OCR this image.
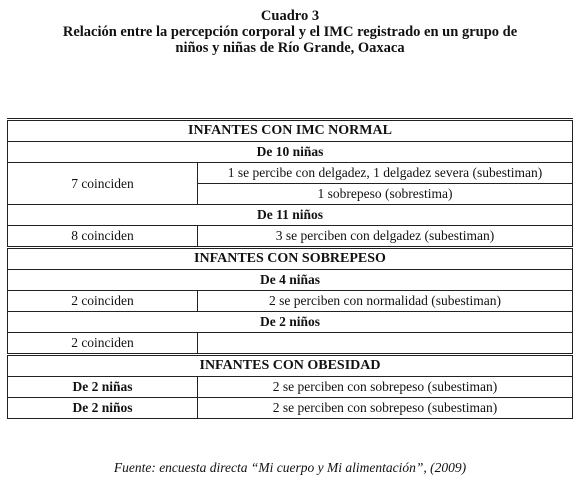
Cuadro 3
Relación entre la percepción corporal y el IMC registrado en un grupo de
niños y niñas de Río Grande, Oaxaca
INFANTES CON IMC NORMAL	
De 10 niñas	
7 coinciden	1 se percibe con delgadez, 1 delgadez severa (subestiman)
	1 sobrepeso (sobrestima)
De 11 niños	
8 coinciden	3 se perciben con delgadez (subestiman)
INFANTES CON SOBREPESO	
De 4 niñas	
2 coinciden	2 se perciben con normalidad (subestiman)
De 2 niños	
2 coinciden	
INFANTES CON OBESIDAD	
De 2 niñas	2 se perciben con sobrepeso (subestiman)
De 2 niños	2 se perciben con sobrepeso (subestiman)
Fuente: encuesta directa “Mi cuerpo y Mi alimentación”, (2009)
